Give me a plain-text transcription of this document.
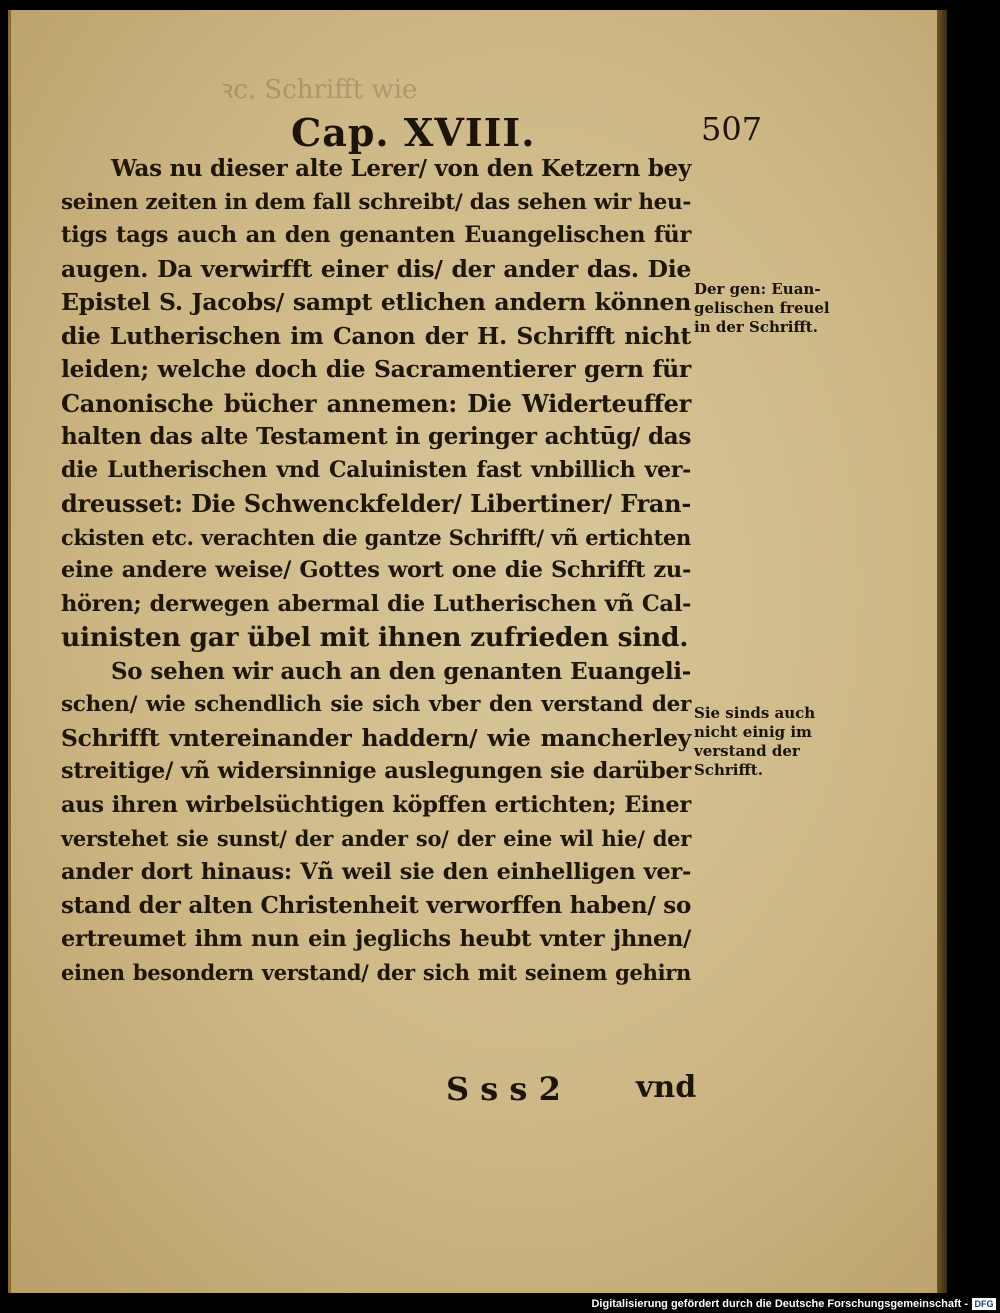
ꝛc. Schrifft wie
Cap. XVIII.	507
Was nu dieser alte Lerer/ von den Ketzern bey
seinen zeiten in dem fall schreibt/ das sehen wir heu-
tigs tags auch an den genanten Euangelischen für
augen. Da verwirfft einer dis/ der ander das. Die
Epistel S. Jacobs/ sampt etlichen andern können
die Lutherischen im Canon der H. Schrifft nicht
leiden; welche doch die Sacramentierer gern für
Canonische bücher annemen: Die Widerteuffer
halten das alte Testament in geringer achtūg/ das
die Lutherischen vnd Caluinisten fast vnbillich ver-
dreusset: Die Schwenckfelder/ Libertiner/ Fran-
ckisten etc. verachten die gantze Schrifft/ vñ ertichten
eine andere weise/ Gottes wort one die Schrifft zu-
hören; derwegen abermal die Lutherischen vñ Cal-
uinisten gar übel mit ihnen zufrieden sind.
So sehen wir auch an den genanten Euangeli-
schen/ wie schendlich sie sich vber den verstand der
Schrifft vntereinander haddern/ wie mancherley
streitige/ vñ widersinnige auslegungen sie darüber
aus ihren wirbelsüchtigen köpffen ertichten; Einer
verstehet sie sunst/ der ander so/ der eine wil hie/ der
ander dort hinaus: Vñ weil sie den einhelligen ver-
stand der alten Christenheit verworffen haben/ so
ertreumet ihm nun ein jeglichs heubt vnter jhnen/
einen besondern verstand/ der sich mit seinem gehirn
Der gen: Euan-
gelischen freuel
in der Schrifft.
Sie sinds auch
nicht einig im
verstand der
Schrifft.
S s s 2	vnd
Digitalisierung gefördert durch die Deutsche Forschungsgemeinschaft - DFG
